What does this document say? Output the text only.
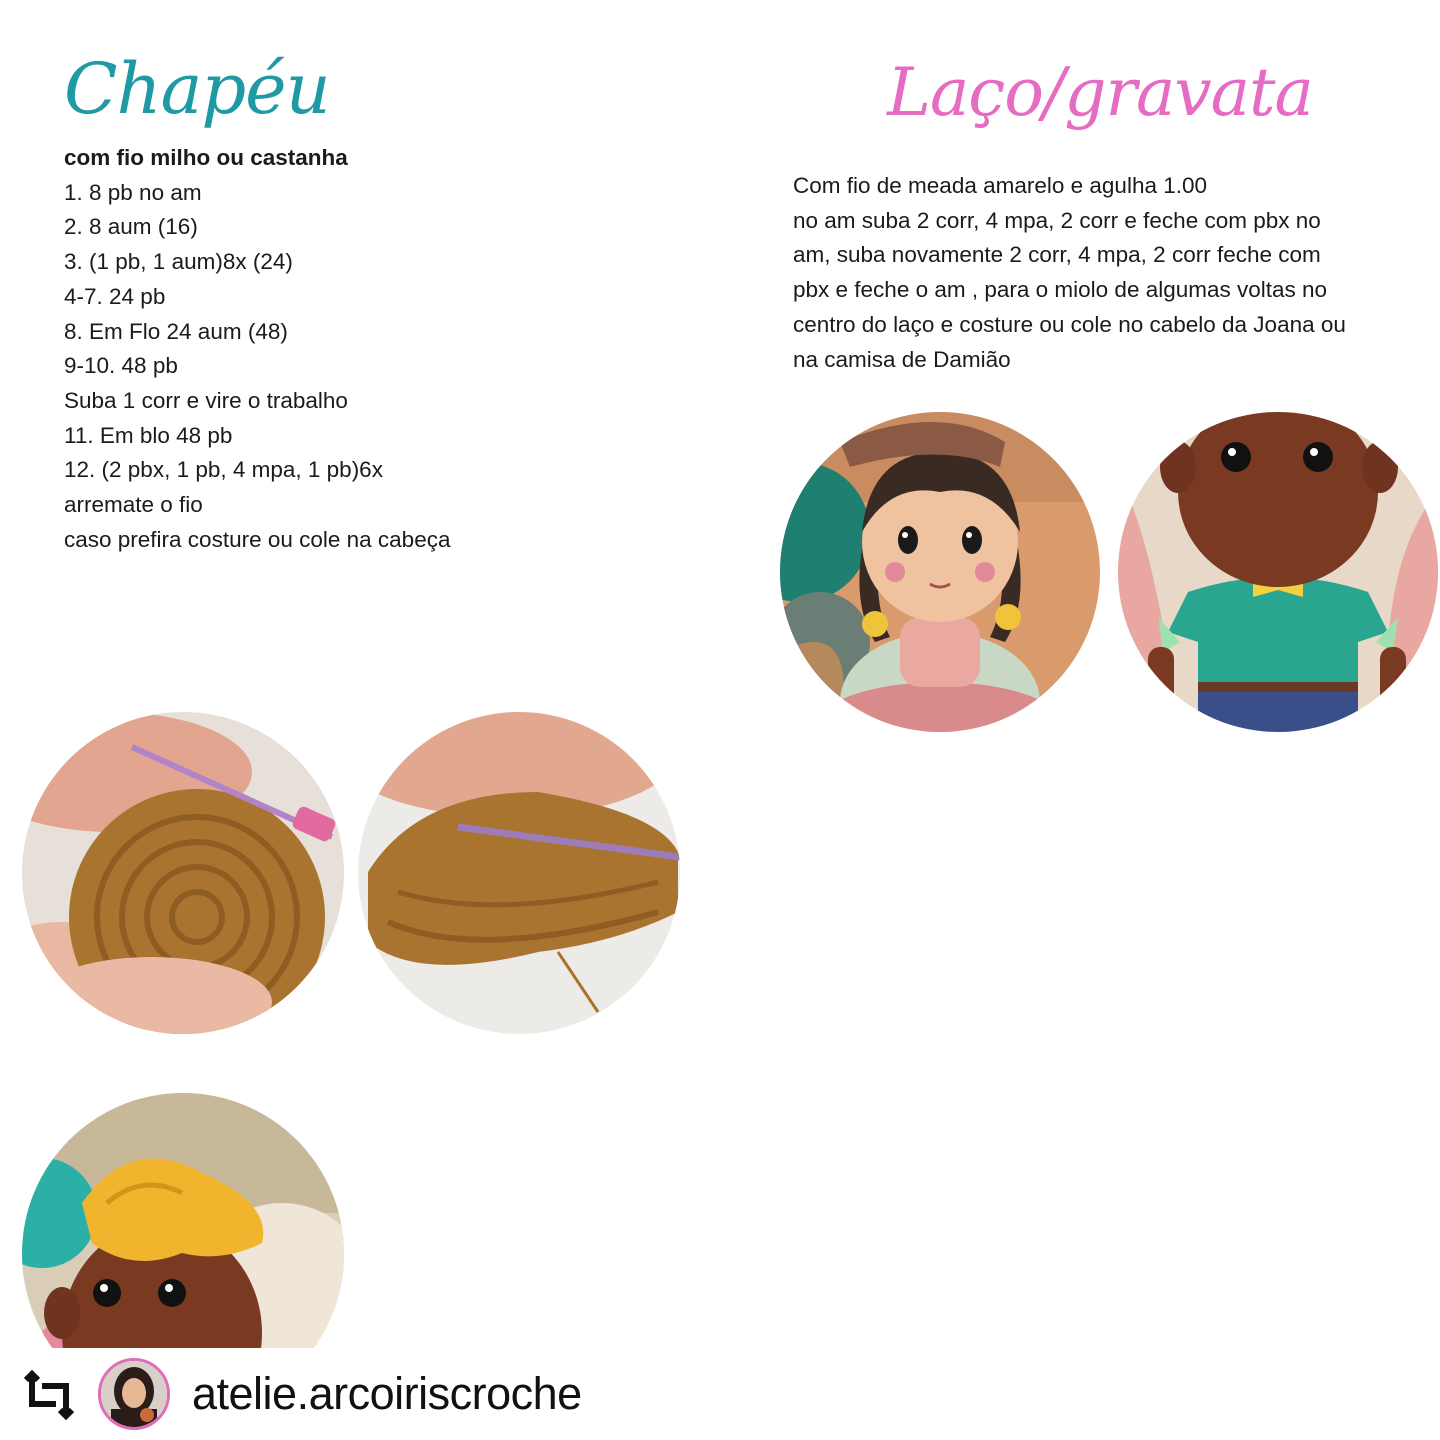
Chapéu	Laço/gravata
com fio milho ou castanha
1. 8 pb no am
2. 8 aum (16)
3. (1 pb, 1 aum)8x (24)
4-7. 24 pb
8. Em Flo 24 aum (48)
9-10. 48 pb
Suba 1 corr e vire o trabalho
11. Em blo 48 pb
12. (2 pbx, 1 pb, 4 mpa, 1 pb)6x
arremate o fio
caso prefira costure ou cole na cabeça
Com fio de meada amarelo e agulha 1.00
no am suba 2 corr, 4 mpa, 2 corr e feche com pbx no
am, suba novamente 2 corr, 4 mpa, 2 corr feche com
pbx e feche o am , para o miolo de algumas voltas no
centro do laço e costure ou cole no cabelo da Joana ou
na camisa de Damião
atelie.arcoiriscroche
